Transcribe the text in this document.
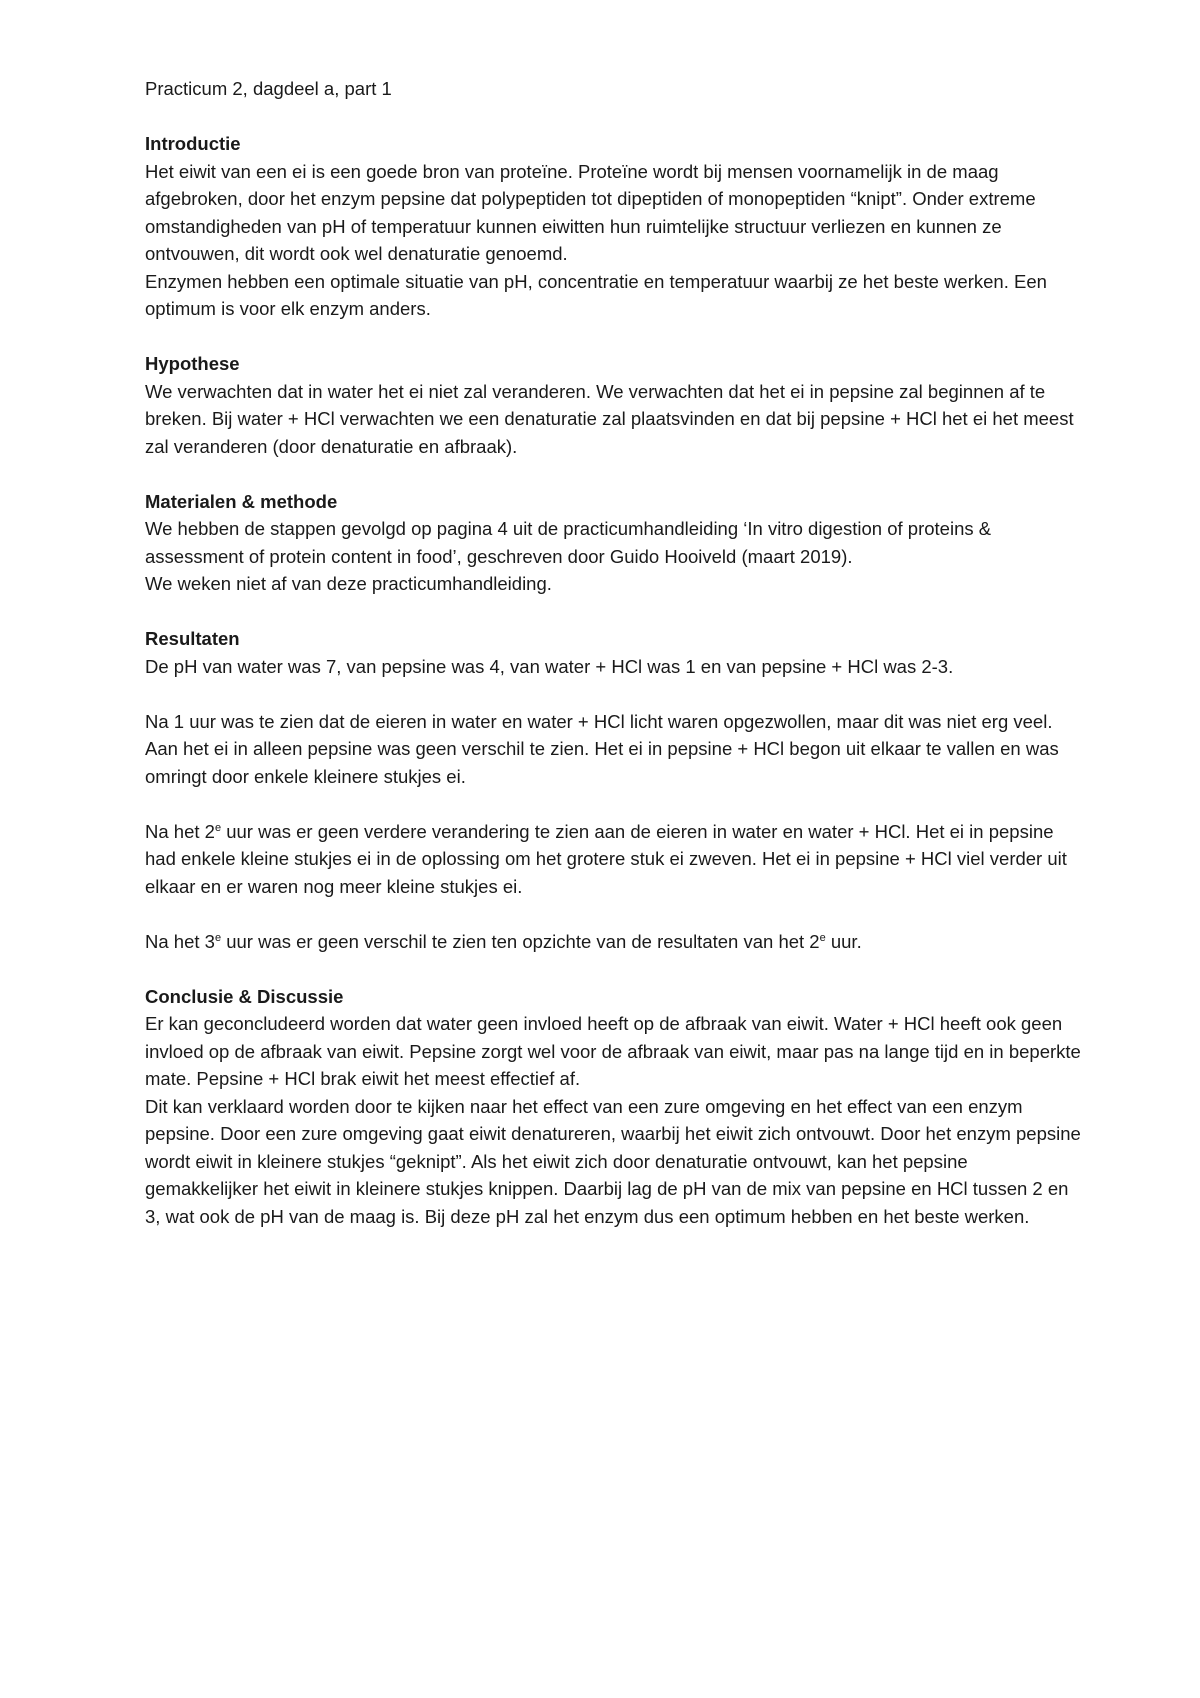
Practicum 2, dagdeel a, part 1

Introductie

Het eiwit van een ei is een goede bron van proteïne. Proteïne wordt bij mensen voornamelijk in de maag afgebroken, door het enzym pepsine dat polypeptiden tot dipeptiden of monopeptiden “knipt”. Onder extreme omstandigheden van pH of temperatuur kunnen eiwitten hun ruimtelijke structuur verliezen en kunnen ze ontvouwen, dit wordt ook wel denaturatie genoemd.

Enzymen hebben een optimale situatie van pH, concentratie en temperatuur waarbij ze het beste werken. Een optimum is voor elk enzym anders.

Hypothese

We verwachten dat in water het ei niet zal veranderen. We verwachten dat het ei in pepsine zal beginnen af te breken. Bij water + HCl verwachten we een denaturatie zal plaatsvinden en dat bij pepsine + HCl het ei het meest zal veranderen (door denaturatie en afbraak).

Materialen & methode

We hebben de stappen gevolgd op pagina 4 uit de practicumhandleiding ‘In vitro digestion of proteins & assessment of protein content in food’, geschreven door Guido Hooiveld (maart 2019).

We weken niet af van deze practicumhandleiding.

Resultaten

De pH van water was 7, van pepsine was 4, van water + HCl was 1 en van pepsine + HCl was 2-3.

Na 1 uur was te zien dat de eieren in water en water + HCl licht waren opgezwollen, maar dit was niet erg veel. Aan het ei in alleen pepsine was geen verschil te zien. Het ei in pepsine + HCl begon uit elkaar te vallen en was omringt door enkele kleinere stukjes ei.

Na het 2e uur was er geen verdere verandering te zien aan de eieren in water en water + HCl. Het ei in pepsine had enkele kleine stukjes ei in de oplossing om het grotere stuk ei zweven. Het ei in pepsine + HCl viel verder uit elkaar en er waren nog meer kleine stukjes ei.

Na het 3e uur was er geen verschil te zien ten opzichte van de resultaten van het 2e uur.

Conclusie & Discussie

Er kan geconcludeerd worden dat water geen invloed heeft op de afbraak van eiwit. Water + HCl heeft ook geen invloed op de afbraak van eiwit. Pepsine zorgt wel voor de afbraak van eiwit, maar pas na lange tijd en in beperkte mate. Pepsine + HCl brak eiwit het meest effectief af.

Dit kan verklaard worden door te kijken naar het effect van een zure omgeving en het effect van een enzym pepsine. Door een zure omgeving gaat eiwit denatureren, waarbij het eiwit zich ontvouwt. Door het enzym pepsine wordt eiwit in kleinere stukjes “geknipt”. Als het eiwit zich door denaturatie ontvouwt, kan het pepsine gemakkelijker het eiwit in kleinere stukjes knippen. Daarbij lag de pH van de mix van pepsine en HCl tussen 2 en 3, wat ook de pH van de maag is. Bij deze pH zal het enzym dus een optimum hebben en het beste werken.
